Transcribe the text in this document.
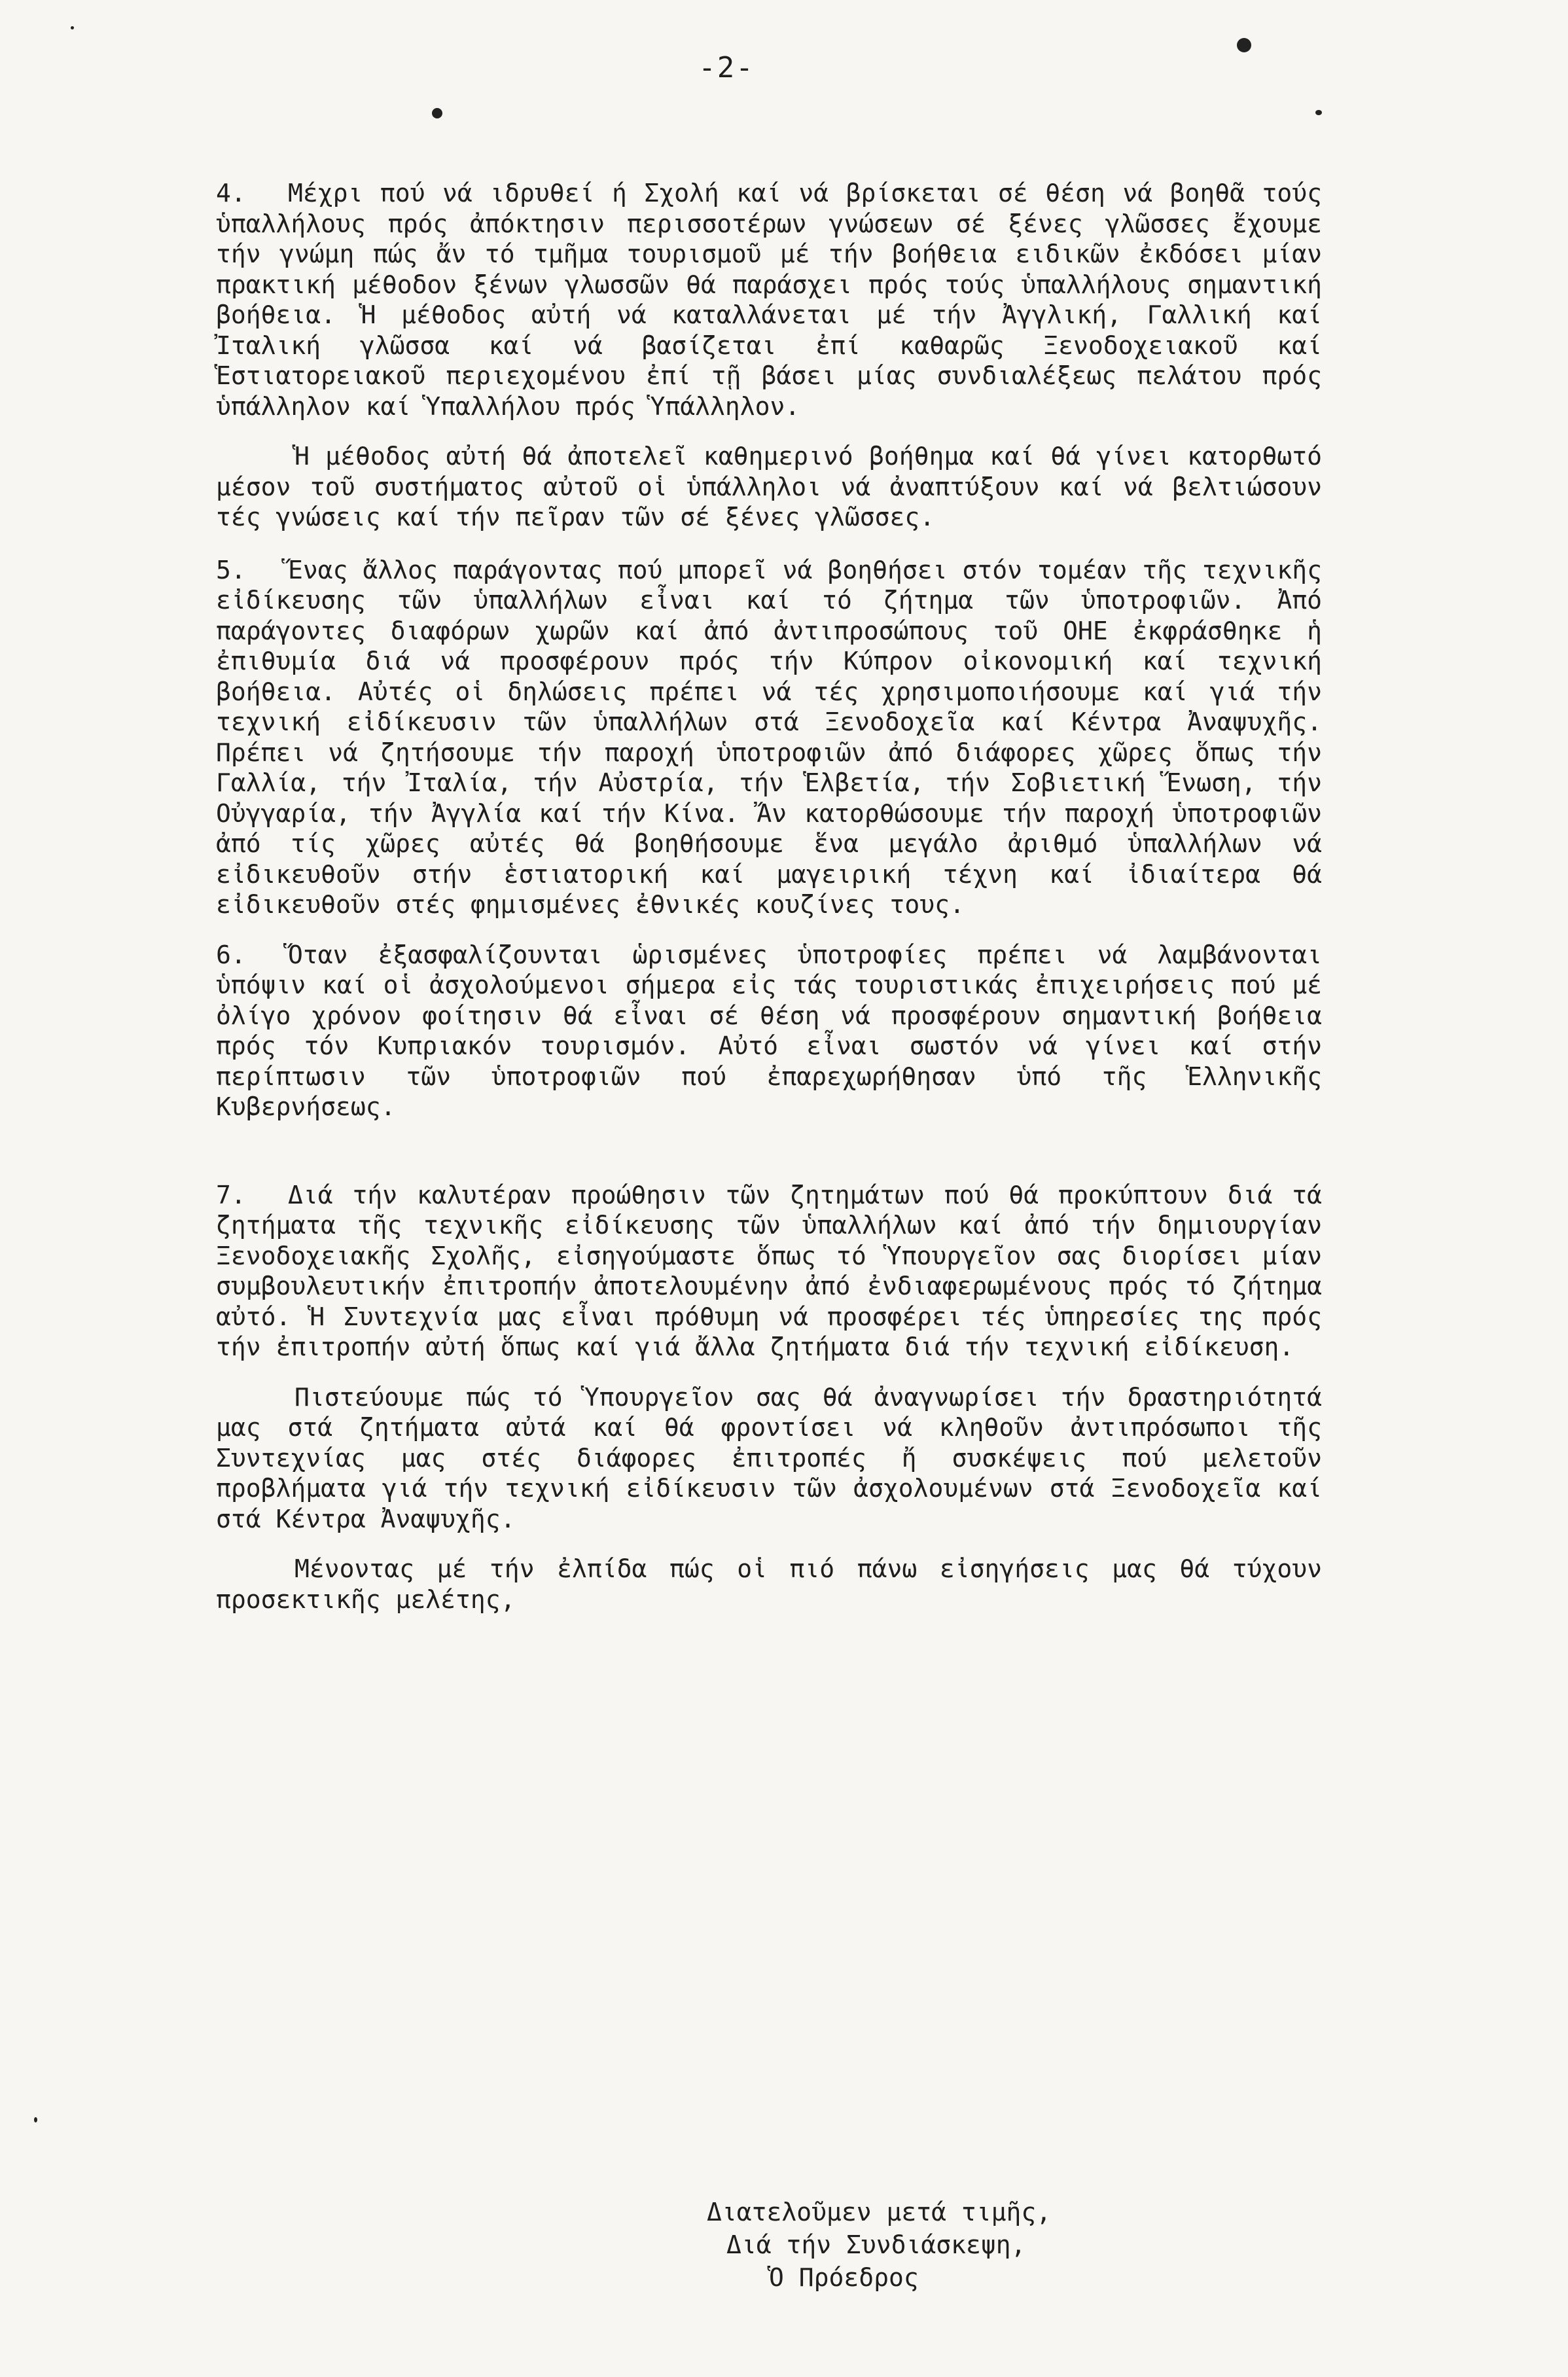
-2-

4. Μέχρι πού νά ιδρυθεί ή Σχολή καί νά βρίσκεται σέ θέση νά βοηθᾶ τούς ὑπαλλήλους πρός ἀπόκτησιν περισσοτέρων γνώσεων σέ ξένες γλῶσσες ἔχουμε τήν γνώμη πώς ἄν τό τμῆμα τουρισμοῦ μέ τήν βοήθεια ειδικῶν ἐκδόσει μίαν πρακτική μέθοδον ξένων γλωσσῶν θά παράσχει πρός τούς ὑπαλλήλους σημαντική βοήθεια. Ἡ μέθοδος αὐτή νά καταλλάνεται μέ τήν Ἀγγλική, Γαλλική καί Ἰταλική γλῶσσα καί νά βασίζεται ἐπί καθαρῶς Ξενοδοχειακοῦ καί Ἑστιατορειακοῦ περιεχομένου ἐπί τῇ βάσει μίας συνδιαλέξεως πελάτου πρός ὑπάλληλον καί Ὑπαλλήλου πρός Ὑπάλληλον.

Ἡ μέθοδος αὐτή θά ἀποτελεῖ καθημερινό βοήθημα καί θά γίνει κατορθωτό μέσον τοῦ συστήματος αὐτοῦ οἱ ὑπάλληλοι νά ἀναπτύξουν καί νά βελτιώσουν τές γνώσεις καί τήν πεῖραν τῶν σέ ξένες γλῶσσες.

5. Ἕνας ἄλλος παράγοντας πού μπορεῖ νά βοηθήσει στόν τομέαν τῆς τεχνικῆς εἰδίκευσης τῶν ὑπαλλήλων εἶναι καί τό ζήτημα τῶν ὑποτροφιῶν. Ἀπό παράγοντες διαφόρων χωρῶν καί ἀπό ἀντιπροσώπους τοῦ ΟΗΕ ἐκφράσθηκε ἡ ἐπιθυμία διά νά προσφέρουν πρός τήν Κύπρον οἰκονομική καί τεχνική βοήθεια. Αὐτές οἱ δηλώσεις πρέπει νά τές χρησιμοποιήσουμε καί γιά τήν τεχνική εἰδίκευσιν τῶν ὑπαλλήλων στά Ξενοδοχεῖα καί Κέντρα Ἀναψυχῆς. Πρέπει νά ζητήσουμε τήν παροχή ὑποτροφιῶν ἀπό διάφορες χῶρες ὅπως τήν Γαλλία, τήν Ἰταλία, τήν Αὐστρία, τήν Ἑλβετία, τήν Σοβιετική Ἕνωση, τήν Οὐγγαρία, τήν Ἀγγλία καί τήν Κίνα. Ἄν κατορθώσουμε τήν παροχή ὑποτροφιῶν ἀπό τίς χῶρες αὐτές θά βοηθήσουμε ἕνα μεγάλο ἀριθμό ὑπαλλήλων νά εἰδικευθοῦν στήν ἑστιατορική καί μαγειρική τέχνη καί ἰδιαίτερα θά εἰδικευθοῦν στές φημισμένες ἐθνικές κουζίνες τους.

6. Ὅταν ἐξασφαλίζουνται ὡρισμένες ὑποτροφίες πρέπει νά λαμβάνονται ὑπόψιν καί οἱ ἀσχολούμενοι σήμερα εἰς τάς τουριστικάς ἐπιχειρήσεις πού μέ ὀλίγο χρόνον φοίτησιν θά εἶναι σέ θέση νά προσφέρουν σημαντική βοήθεια πρός τόν Κυπριακόν τουρισμόν. Αὐτό εἶναι σωστόν νά γίνει καί στήν περίπτωσιν τῶν ὑποτροφιῶν πού ἐπαρεχωρήθησαν ὑπό τῆς Ἑλληνικῆς Κυβερνήσεως.

7. Διά τήν καλυτέραν προώθησιν τῶν ζητημάτων πού θά προκύπτουν διά τά ζητήματα τῆς τεχνικῆς εἰδίκευσης τῶν ὑπαλλήλων καί ἀπό τήν δημιουργίαν Ξενοδοχειακῆς Σχολῆς, εἰσηγούμαστε ὅπως τό Ὑπουργεῖον σας διορίσει μίαν συμβουλευτικήν ἐπιτροπήν ἀποτελουμένην ἀπό ἐνδιαφερωμένους πρός τό ζήτημα αὐτό. Ἡ Συντεχνία μας εἶναι πρόθυμη νά προσφέρει τές ὑπηρεσίες της πρός τήν ἐπιτροπήν αὐτή ὅπως καί γιά ἄλλα ζητήματα διά τήν τεχνική εἰδίκευση.

Πιστεύουμε πώς τό Ὑπουργεῖον σας θά ἀναγνωρίσει τήν δραστηριότητά μας στά ζητήματα αὐτά καί θά φροντίσει νά κληθοῦν ἀντιπρόσωποι τῆς Συντεχνίας μας στές διάφορες ἐπιτροπές ἤ συσκέψεις πού μελετοῦν προβλήματα γιά τήν τεχνική εἰδίκευσιν τῶν ἀσχολουμένων στά Ξενοδοχεῖα καί στά Κέντρα Ἀναψυχῆς.

Μένοντας μέ τήν ἐλπίδα πώς οἱ πιό πάνω εἰσηγήσεις μας θά τύχουν προσεκτικῆς μελέτης,

Διατελοῦμεν μετά τιμῆς,
Διά τήν Συνδιάσκεψη,
Ὁ Πρόεδρος
